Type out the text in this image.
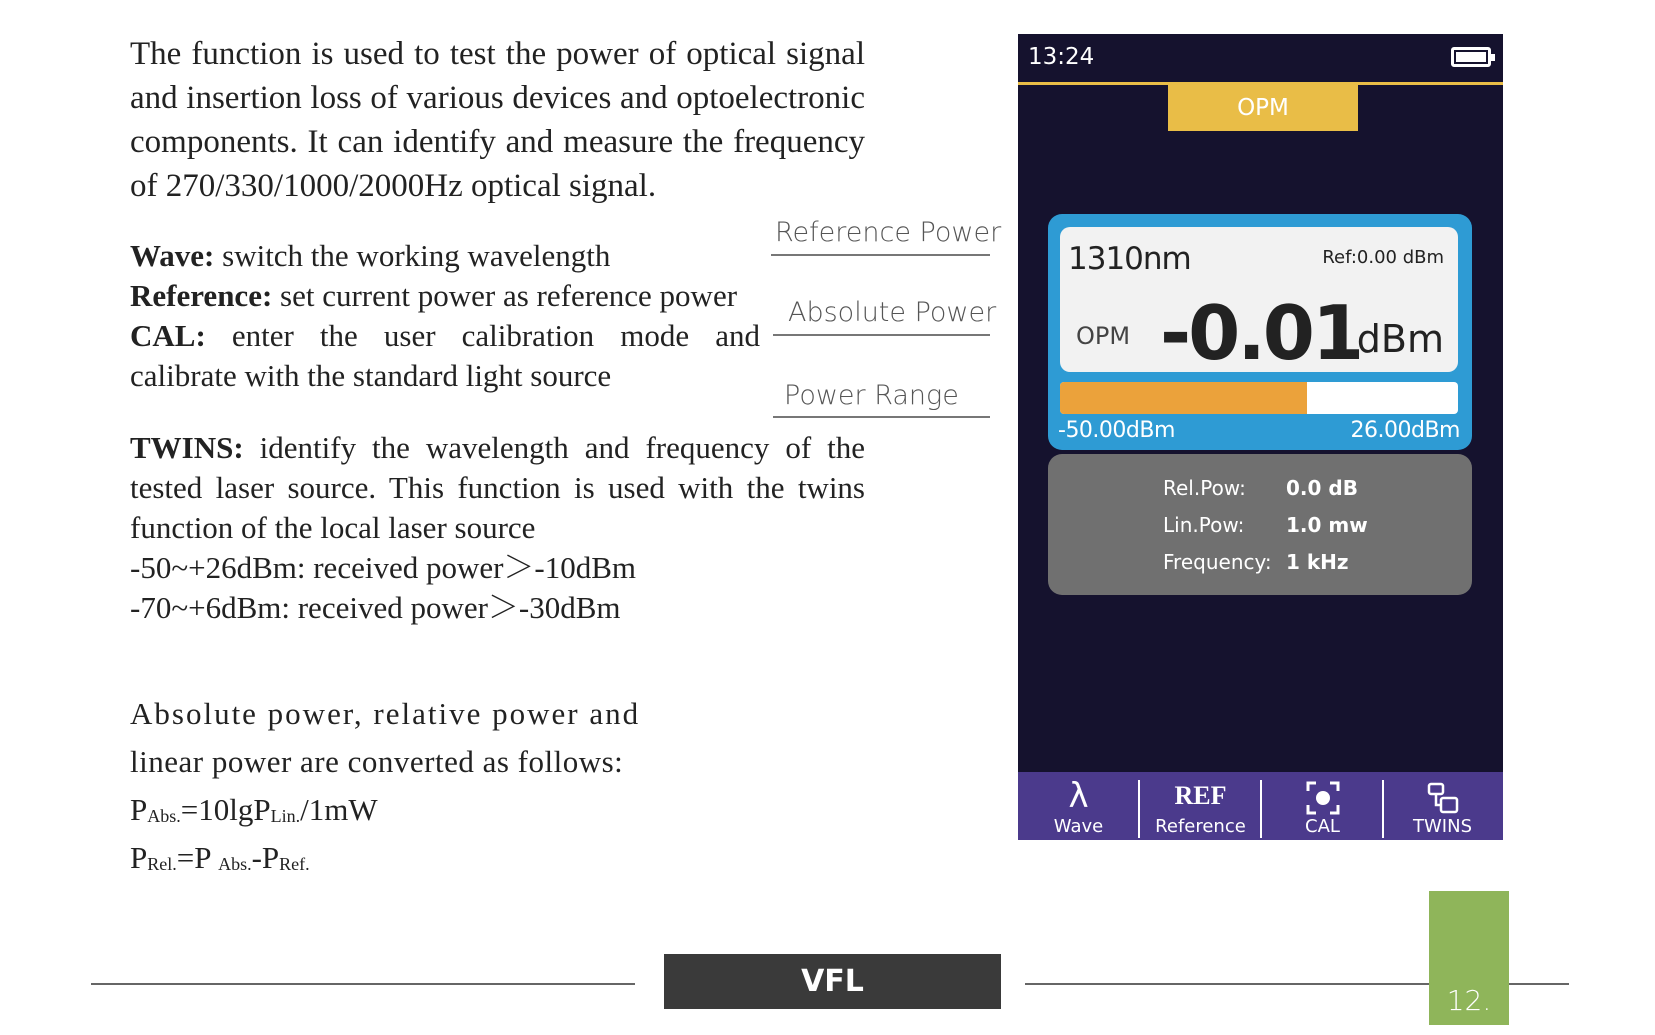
The function is used to test the power of optical signal and insertion loss of various devices and optoelectronic components. It can identify and measure the frequency of 270/330/1000/2000Hz optical signal.

Wave: switch the working wavelength

Reference: set current power as reference power

CAL: enter the user calibration mode and calibrate with the standard light source

TWINS: identify the wavelength and frequency of the

tested laser source. This function is used with the twins

function of the local laser source

-50~+26dBm: received power＞-10dBm

-70~+6dBm: received power＞-30dBm

Absolute power, relative power and
linear power are converted as follows:
$P_{Abs.}=10\lg P_{Lin.}/1mW$
$P_{Rel.}=P$ $_{Abs.}-P_{Ref.}$
Reference Power
Absolute Power
Power Range
13:24
OPM
1310nm	Ref:0.00 dBm
OPM -0.01
dBm
-50.00dBm	26.00dBm
Rel.Pow: 0.0 dB
Lin.Pow: 1.0 mw
Frequency: 1 kHz
λ
Wave
REF
Reference	CAL	TWINS
VFL
12.
